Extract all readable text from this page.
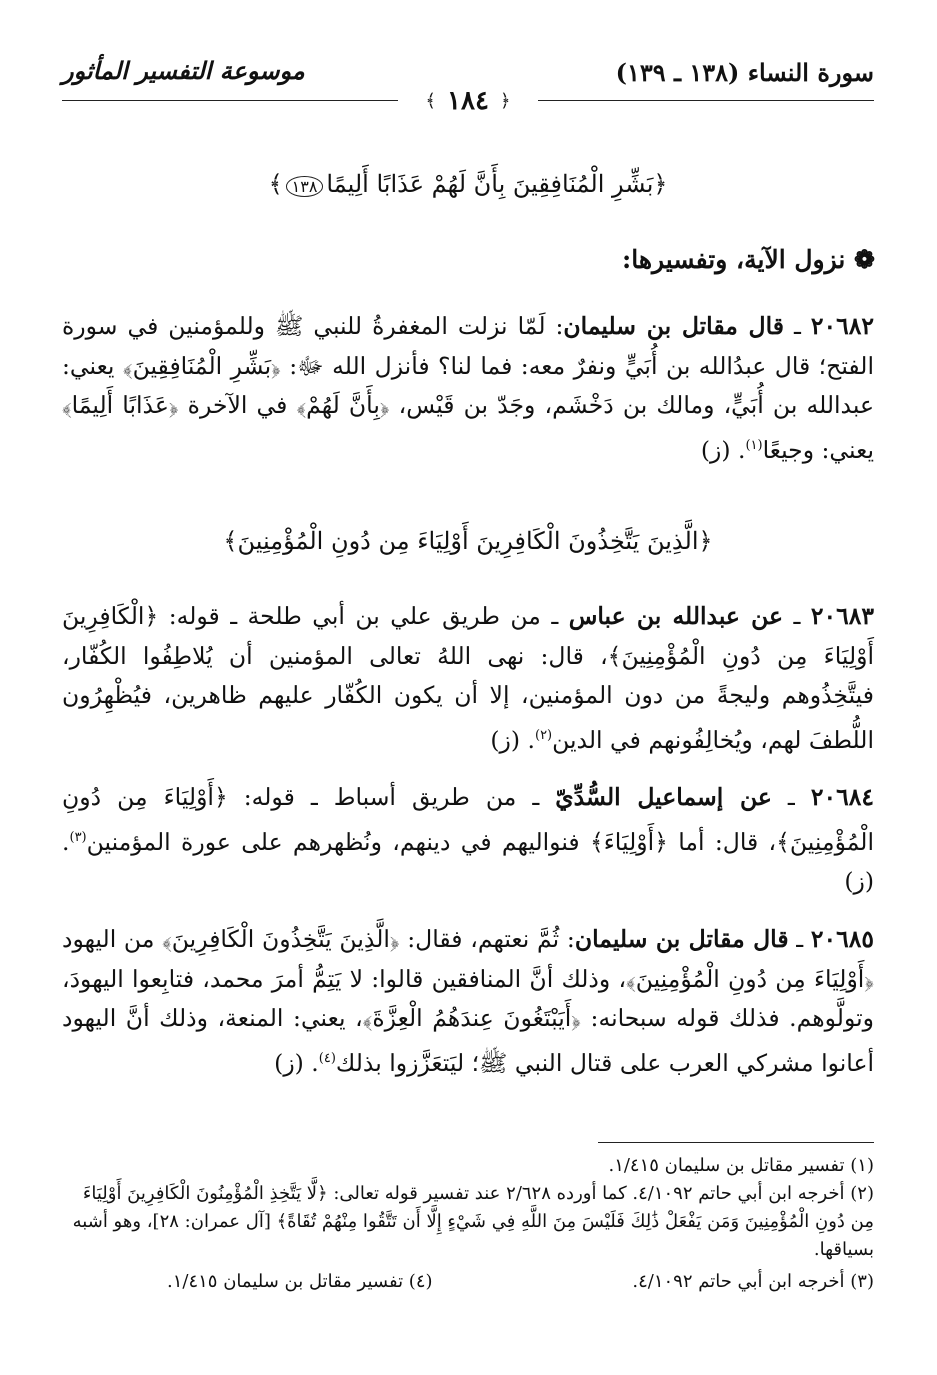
سورة النساء (١٣٨ ـ ١٣٩)
موسوعة التفسير المأثور
﴿ ١٨٤ ﴾
﴿بَشِّرِ الْمُنَافِقِينَ بِأَنَّ لَهُمْ عَذَابًا أَلِيمًا١٣٨﴾
❁ نزول الآية، وتفسيرها:
٢٠٦٨٢ ـ قال مقاتل بن سليمان: لَمّا نزلت المغفرةُ للنبي ﷺ وللمؤمنين في سورة الفتح؛ قال عبدُالله بن أُبَيٍّ ونفرٌ معه: فما لنا؟ فأنزل الله ﷻ: ﴿بَشِّرِ الْمُنَافِقِينَ﴾ يعني: عبدالله بن أُبَيٍّ، ومالك بن دَخْشَم، وجَدّ بن قَيْس، ﴿بِأَنَّ لَهُمْ﴾ في الآخرة ﴿عَذَابًا أَلِيمًا﴾ يعني: وجيعًا$^{(١)}$. (ز)
﴿الَّذِينَ يَتَّخِذُونَ الْكَافِرِينَ أَوْلِيَاءَ مِن دُونِ الْمُؤْمِنِينَ﴾
٢٠٦٨٣ ـ عن عبدالله بن عباس ـ من طريق علي بن أبي طلحة ـ قوله: ﴿الْكَافِرِينَ أَوْلِيَاءَ مِن دُونِ الْمُؤْمِنِينَ﴾، قال: نهى اللهُ تعالى المؤمنين أن يُلاطِفُوا الكُفّار، فيتَّخِذُوهم وليجةً من دون المؤمنين، إلا أن يكون الكُفّار عليهم ظاهرين، فيُظْهِرُون اللُّطفَ لهم، ويُخالِفُونهم في الدين$^{(٢)}$. (ز)
٢٠٦٨٤ ـ عن إسماعيل السُّدِّيّ ـ من طريق أسباط ـ قوله: ﴿أَوْلِيَاءَ مِن دُونِ الْمُؤْمِنِينَ﴾، قال: أما ﴿أَوْلِيَاءَ﴾ فنواليهم في دينهم، ونُظهرهم على عورة المؤمنين$^{(٣)}$. (ز)
٢٠٦٨٥ ـ قال مقاتل بن سليمان: ثُمَّ نعتهم، فقال: ﴿الَّذِينَ يَتَّخِذُونَ الْكَافِرِينَ﴾ من اليهود ﴿أَوْلِيَاءَ مِن دُونِ الْمُؤْمِنِينَ﴾، وذلك أنَّ المنافقين قالوا: لا يَتِمُّ أمرَ محمد، فتابِعوا اليهودَ، وتولَّوهم. فذلك قوله سبحانه: ﴿أَيَبْتَغُونَ عِندَهُمُ الْعِزَّةَ﴾، يعني: المنعة، وذلك أنَّ اليهود أعانوا مشركي العرب على قتال النبي ﷺ؛ ليَتعَزَّزوا بذلك$^{(٤)}$. (ز)
(١) تفسير مقاتل بن سليمان ١/٤١٥.
(٢) أخرجه ابن أبي حاتم ٤/١٠٩٢. كما أورده ٢/٦٢٨ عند تفسير قوله تعالى: ﴿لَّا يَتَّخِذِ الْمُؤْمِنُونَ الْكَافِرِينَ أَوْلِيَاءَ مِن دُونِ الْمُؤْمِنِينَ وَمَن يَفْعَلْ ذَٰلِكَ فَلَيْسَ مِنَ اللَّهِ فِي شَيْءٍ إِلَّا أَن تَتَّقُوا مِنْهُمْ تُقَاةً﴾ [آل عمران: ٢٨]، وهو أشبه بسياقها.
(٣) أخرجه ابن أبي حاتم ٤/١٠٩٢.
(٤) تفسير مقاتل بن سليمان ١/٤١٥.
